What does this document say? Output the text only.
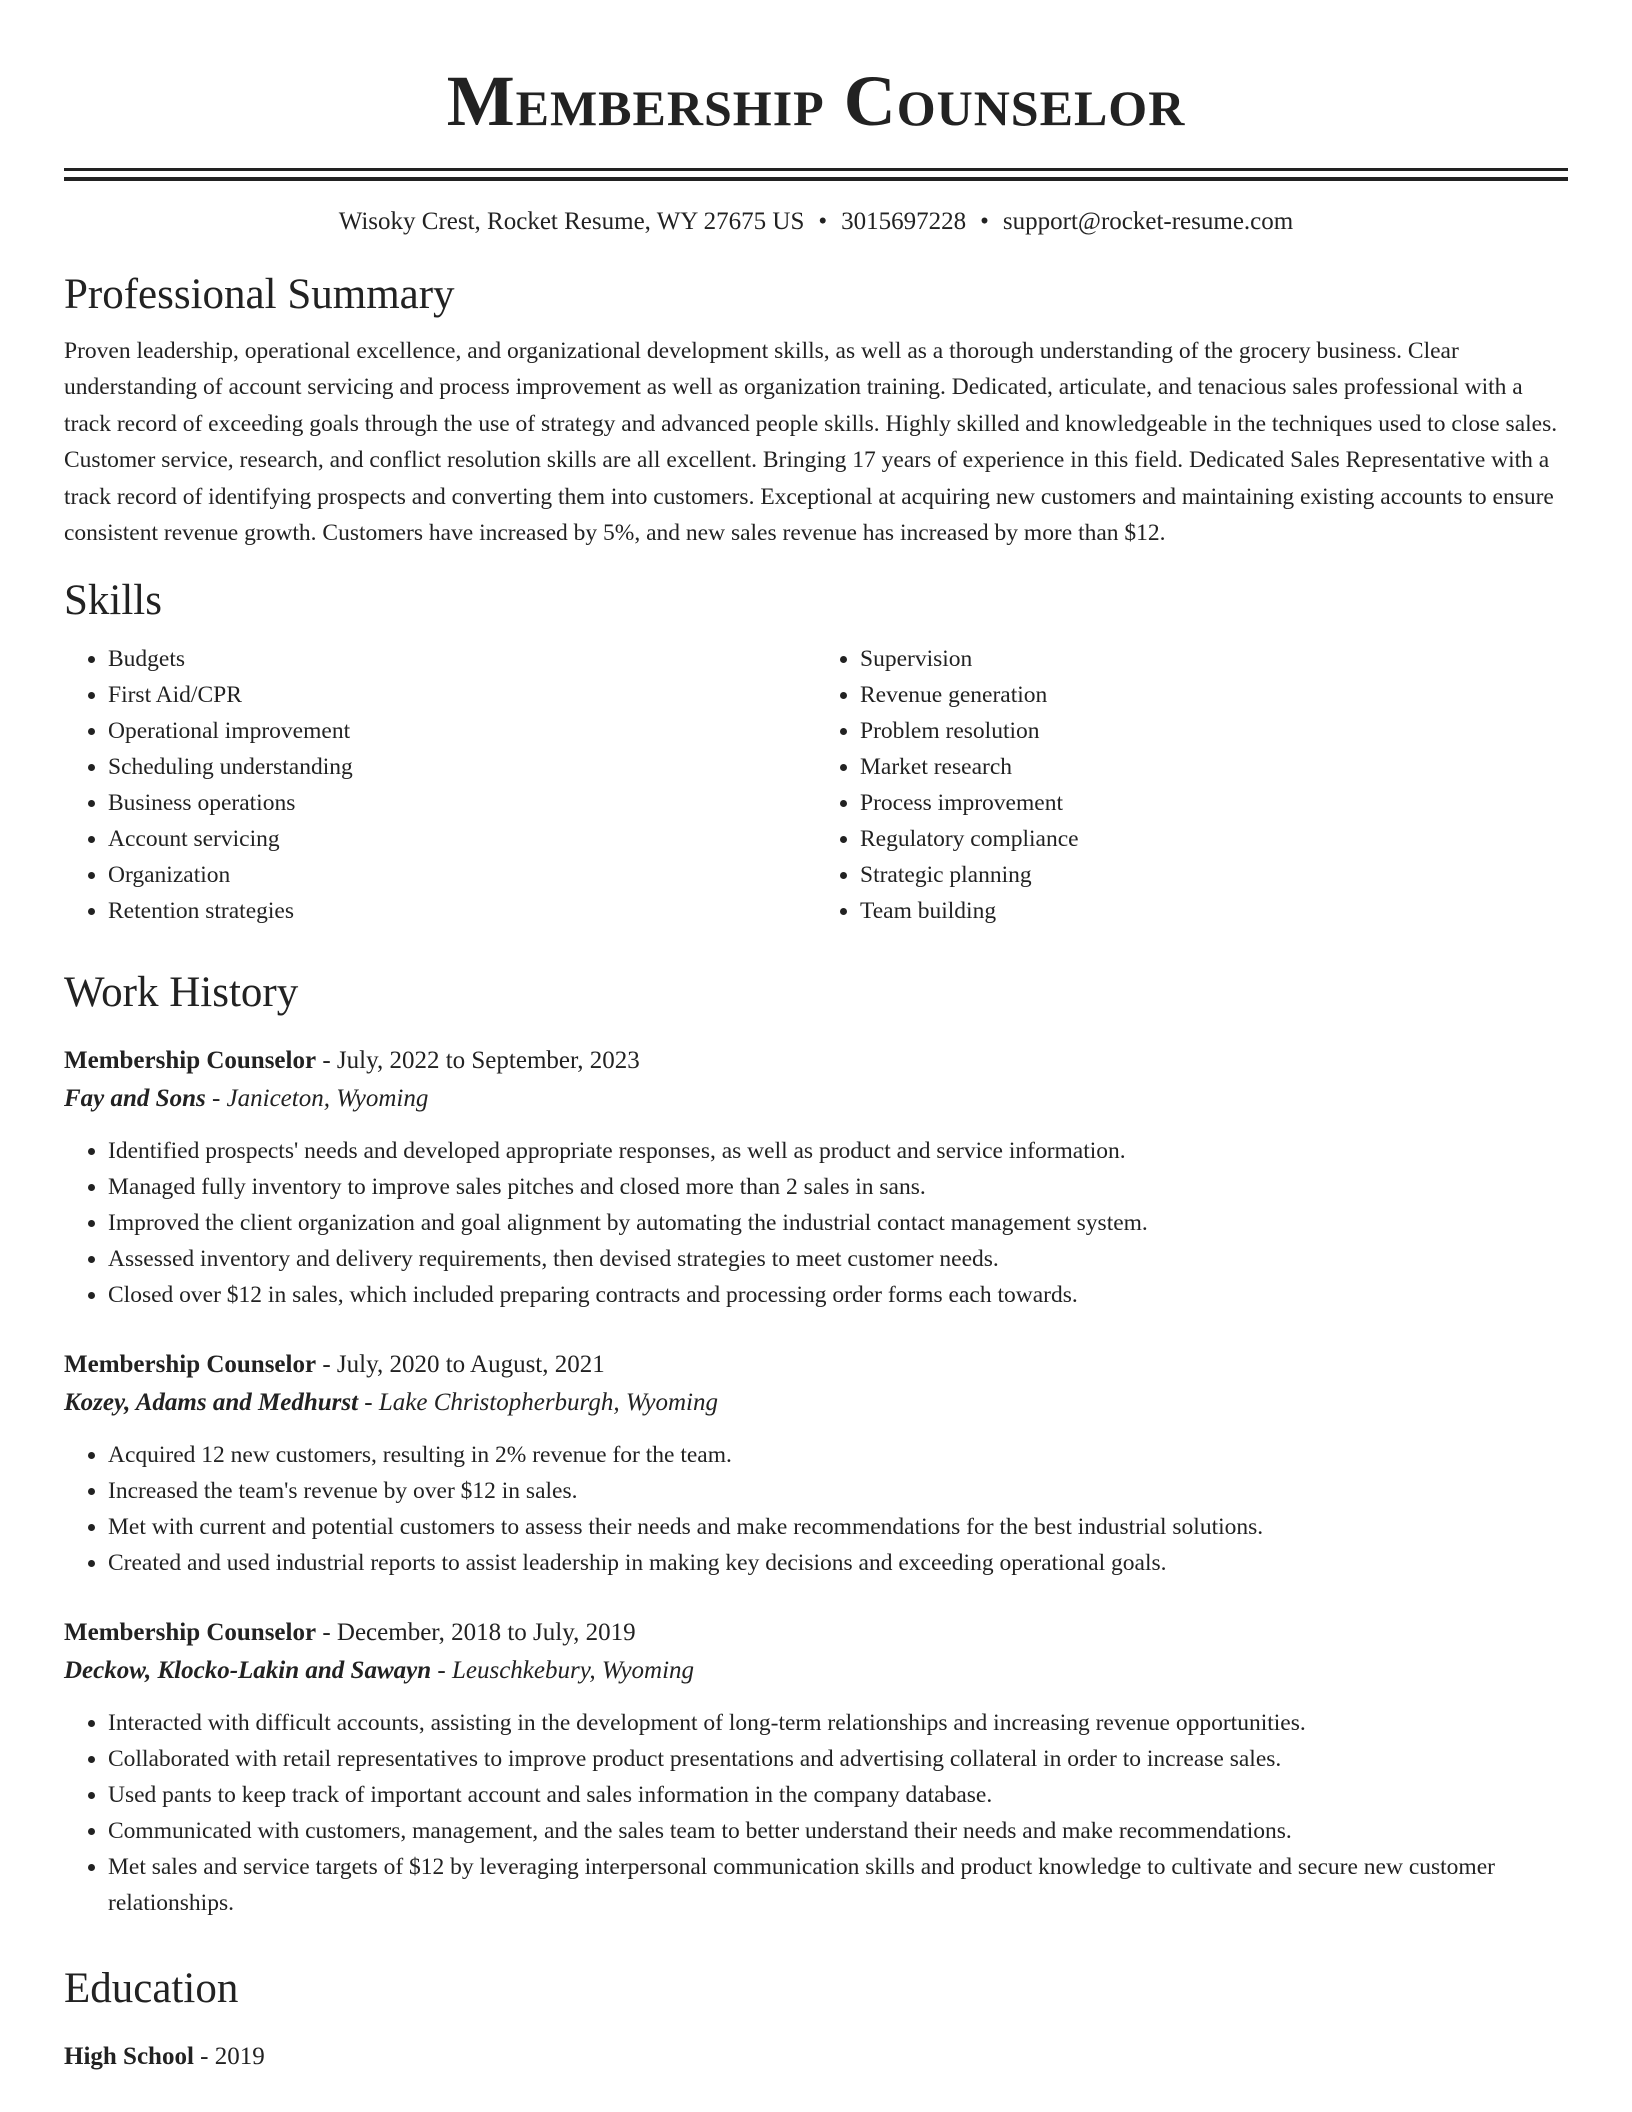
Membership Counselor
Wisoky Crest, Rocket Resume, WY 27675 US • 3015697228 • support@rocket-resume.com
Professional Summary

Proven leadership, operational excellence, and organizational development skills, as well as a thorough understanding of the grocery business. Clear understanding of account servicing and process improvement as well as organization training. Dedicated, articulate, and tenacious sales professional with a track record of exceeding goals through the use of strategy and advanced people skills. Highly skilled and knowledgeable in the techniques used to close sales. Customer service, research, and conflict resolution skills are all excellent. Bringing 17 years of experience in this field. Dedicated Sales Representative with a track record of identifying prospects and converting them into customers. Exceptional at acquiring new customers and maintaining existing accounts to ensure consistent revenue growth. Customers have increased by 5%, and new sales revenue has increased by more than $12.

Skills
• Budgets
• First Aid/CPR
• Operational improvement
• Scheduling understanding
• Business operations
• Account servicing
• Organization
• Retention strategies
• Supervision
• Revenue generation
• Problem resolution
• Market research
• Process improvement
• Regulatory compliance
• Strategic planning
• Team building
Work History
Membership Counselor - July, 2022 to September, 2023
Fay and Sons - Janiceton, Wyoming
• Identified prospects' needs and developed appropriate responses, as well as product and service information.
• Managed fully inventory to improve sales pitches and closed more than 2 sales in sans.
• Improved the client organization and goal alignment by automating the industrial contact management system.
• Assessed inventory and delivery requirements, then devised strategies to meet customer needs.
• Closed over $12 in sales, which included preparing contracts and processing order forms each towards.
Membership Counselor - July, 2020 to August, 2021
Kozey, Adams and Medhurst - Lake Christopherburgh, Wyoming
• Acquired 12 new customers, resulting in 2% revenue for the team.
• Increased the team's revenue by over $12 in sales.
• Met with current and potential customers to assess their needs and make recommendations for the best industrial solutions.
• Created and used industrial reports to assist leadership in making key decisions and exceeding operational goals.
Membership Counselor - December, 2018 to July, 2019
Deckow, Klocko-Lakin and Sawayn - Leuschkebury, Wyoming
• Interacted with difficult accounts, assisting in the development of long-term relationships and increasing revenue opportunities.
• Collaborated with retail representatives to improve product presentations and advertising collateral in order to increase sales.
• Used pants to keep track of important account and sales information in the company database.
• Communicated with customers, management, and the sales team to better understand their needs and make recommendations.
• Met sales and service targets of $12 by leveraging interpersonal communication skills and product knowledge to cultivate and secure new customer relationships.
Education
High School - 2019
